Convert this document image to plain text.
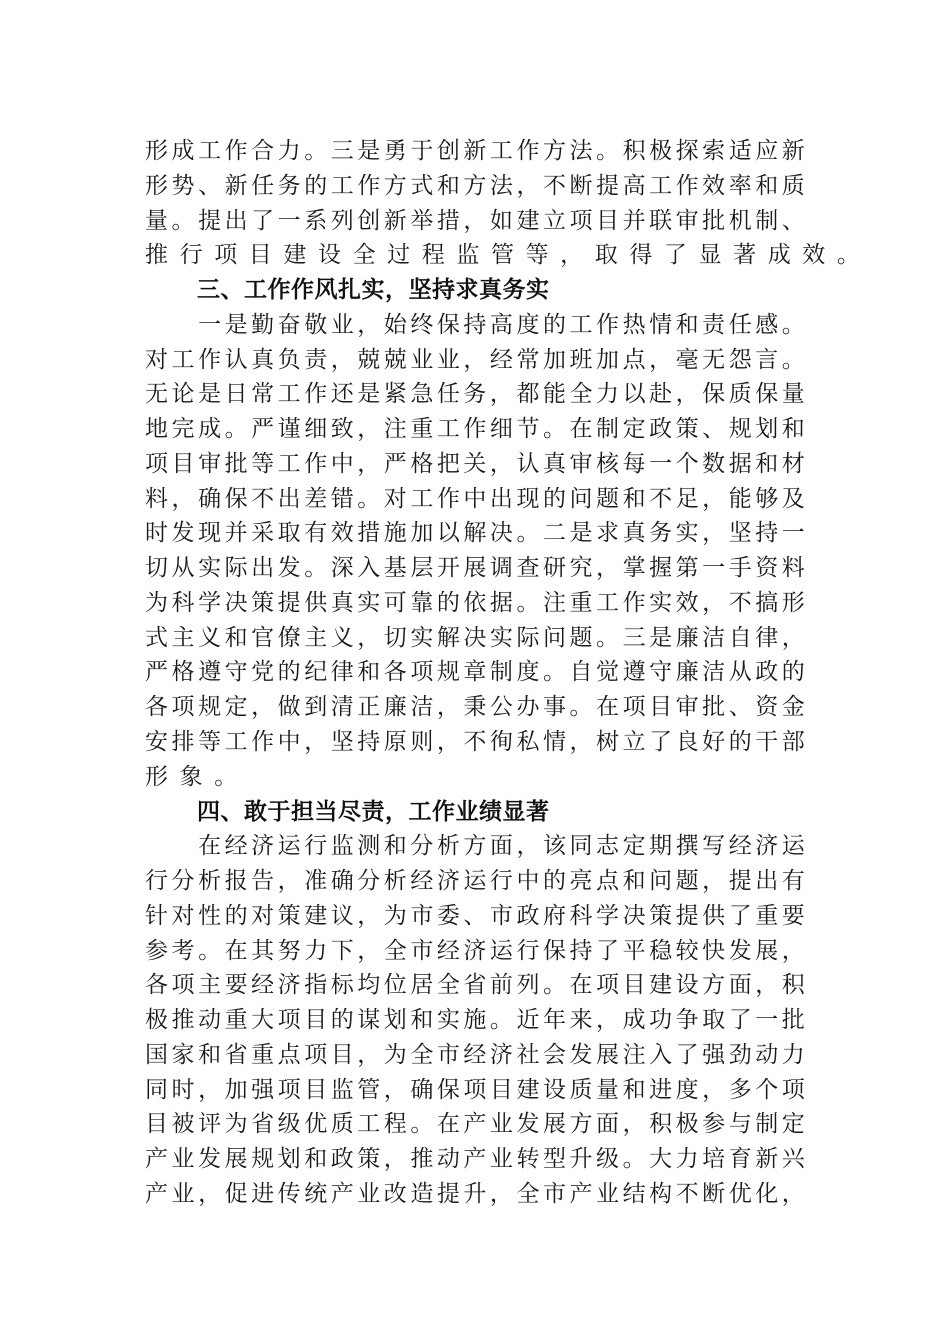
形 成 工 作 合 力 。 三 是 勇 于 创 新 工 作 方 法 。 积 极 探 索 适 应 新
形 势 、 新 任 务 的 工 作 方 式 和 方 法 ， 不 断 提 高 工 作 效 率 和 质
量 。 提 出 了 一 系 列 创 新 举 措 ， 如 建 立 项 目 并 联 审 批 机 制 、
推 行 项 目 建 设 全 过 程 监 管 等 ， 取 得 了 显 著 成 效 。
三、工作作风扎实，坚持求真务实

一 是 勤 奋 敬 业 ， 始 终 保 持 高 度 的 工 作 热 情 和 责 任 感 。
对 工 作 认 真 负 责 ， 兢 兢 业 业 ， 经 常 加 班 加 点 ， 毫 无 怨 言 。
无 论 是 日 常 工 作 还 是 紧 急 任 务 ， 都 能 全 力 以 赴 ， 保 质 保 量
地 完 成 。 严 谨 细 致 ， 注 重 工 作 细 节 。 在 制 定 政 策 、 规 划 和
项 目 审 批 等 工 作 中 ， 严 格 把 关 ， 认 真 审 核 每 一 个 数 据 和 材
料 ， 确 保 不 出 差 错 。 对 工 作 中 出 现 的 问 题 和 不 足 ， 能 够 及
时 发 现 并 采 取 有 效 措 施 加 以 解 决 。 二 是 求 真 务 实 ， 坚 持 一
切 从 实 际 出 发 。 深 入 基 层 开 展 调 查 研 究 ， 掌 握 第 一 手 资 料
为 科 学 决 策 提 供 真 实 可 靠 的 依 据 。 注 重 工 作 实 效 ， 不 搞 形
式 主 义 和 官 僚 主 义 ， 切 实 解 决 实 际 问 题 。 三 是 廉 洁 自 律 ，
严 格 遵 守 党 的 纪 律 和 各 项 规 章 制 度 。 自 觉 遵 守 廉 洁 从 政 的
各 项 规 定 ， 做 到 清 正 廉 洁 ， 秉 公 办 事 。 在 项 目 审 批 、 资 金
安 排 等 工 作 中 ， 坚 持 原 则 ， 不 徇 私 情 ， 树 立 了 良 好 的 干 部
形 象 。
四、敢于担当尽责，工作业绩显著

在 经 济 运 行 监 测 和 分 析 方 面 ， 该 同 志 定 期 撰 写 经 济 运
行 分 析 报 告 ， 准 确 分 析 经 济 运 行 中 的 亮 点 和 问 题 ， 提 出 有
针 对 性 的 对 策 建 议 ， 为 市 委 、 市 政 府 科 学 决 策 提 供 了 重 要
参 考 。 在 其 努 力 下 ， 全 市 经 济 运 行 保 持 了 平 稳 较 快 发 展 ，
各 项 主 要 经 济 指 标 均 位 居 全 省 前 列 。 在 项 目 建 设 方 面 ， 积
极 推 动 重 大 项 目 的 谋 划 和 实 施 。 近 年 来 ， 成 功 争 取 了 一 批
国 家 和 省 重 点 项 目 ， 为 全 市 经 济 社 会 发 展 注 入 了 强 劲 动 力
同 时 ， 加 强 项 目 监 管 ， 确 保 项 目 建 设 质 量 和 进 度 ， 多 个 项
目 被 评 为 省 级 优 质 工 程 。 在 产 业 发 展 方 面 ， 积 极 参 与 制 定
产 业 发 展 规 划 和 政 策 ， 推 动 产 业 转 型 升 级 。 大 力 培 育 新 兴
产 业 ， 促 进 传 统 产 业 改 造 提 升 ， 全 市 产 业 结 构 不 断 优 化 ，
